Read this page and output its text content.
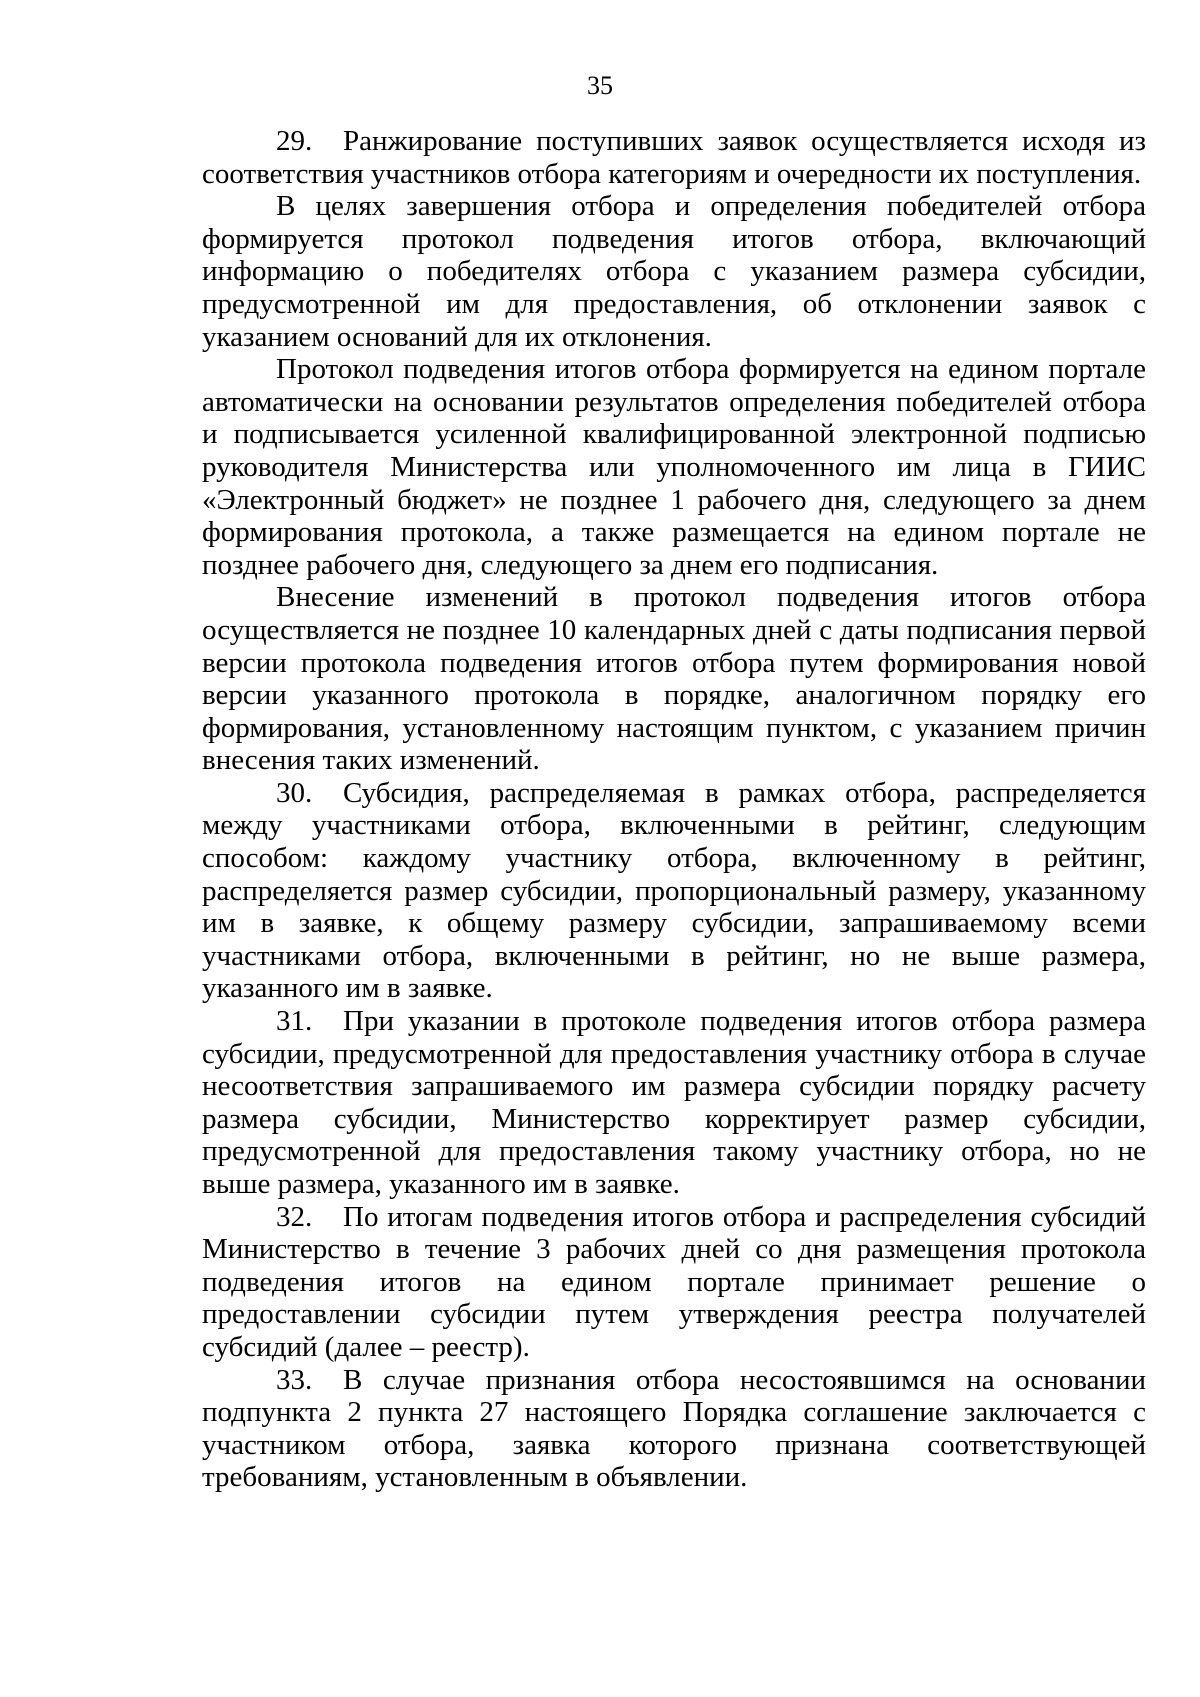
35

29. Ранжирование поступивших заявок осуществляется исходя из соответствия участников отбора категориям и очередности их поступления.

В целях завершения отбора и определения победителей отбора формируется протокол подведения итогов отбора, включающий информацию о победителях отбора с указанием размера субсидии, предусмотренной им для предоставления, об отклонении заявок с указанием оснований для их отклонения.

Протокол подведения итогов отбора формируется на едином портале автоматически на основании результатов определения победителей отбора и подписывается усиленной квалифицированной электронной подписью руководителя Министерства или уполномоченного им лица в ГИИС «Электронный бюджет» не позднее 1 рабочего дня, следующего за днем формирования протокола, а также размещается на едином портале не позднее рабочего дня, следующего за днем его подписания.

Внесение изменений в протокол подведения итогов отбора осуществляется не позднее 10 календарных дней с даты подписания первой версии протокола подведения итогов отбора путем формирования новой версии указанного протокола в порядке, аналогичном порядку его формирования, установленному настоящим пунктом, с указанием причин внесения таких изменений.

30. Субсидия, распределяемая в рамках отбора, распределяется между участниками отбора, включенными в рейтинг, следующим способом: каждому участнику отбора, включенному в рейтинг, распределяется размер субсидии, пропорциональный размеру, указанному им в заявке, к общему размеру субсидии, запрашиваемому всеми участниками отбора, включенными в рейтинг, но не выше размера, указанного им в заявке.

31. При указании в протоколе подведения итогов отбора размера субсидии, предусмотренной для предоставления участнику отбора в случае несоответствия запрашиваемого им размера субсидии порядку расчету размера субсидии, Министерство корректирует размер субсидии, предусмотренной для предоставления такому участнику отбора, но не выше размера, указанного им в заявке.

32. По итогам подведения итогов отбора и распределения субсидий Министерство в течение 3 рабочих дней со дня размещения протокола подведения итогов на едином портале принимает решение о предоставлении субсидии путем утверждения реестра получателей субсидий (далее – реестр).

33. В случае признания отбора несостоявшимся на основании подпункта 2 пункта 27 настоящего Порядка соглашение заключается с участником отбора, заявка которого признана соответствующей требованиям, установленным в объявлении.
